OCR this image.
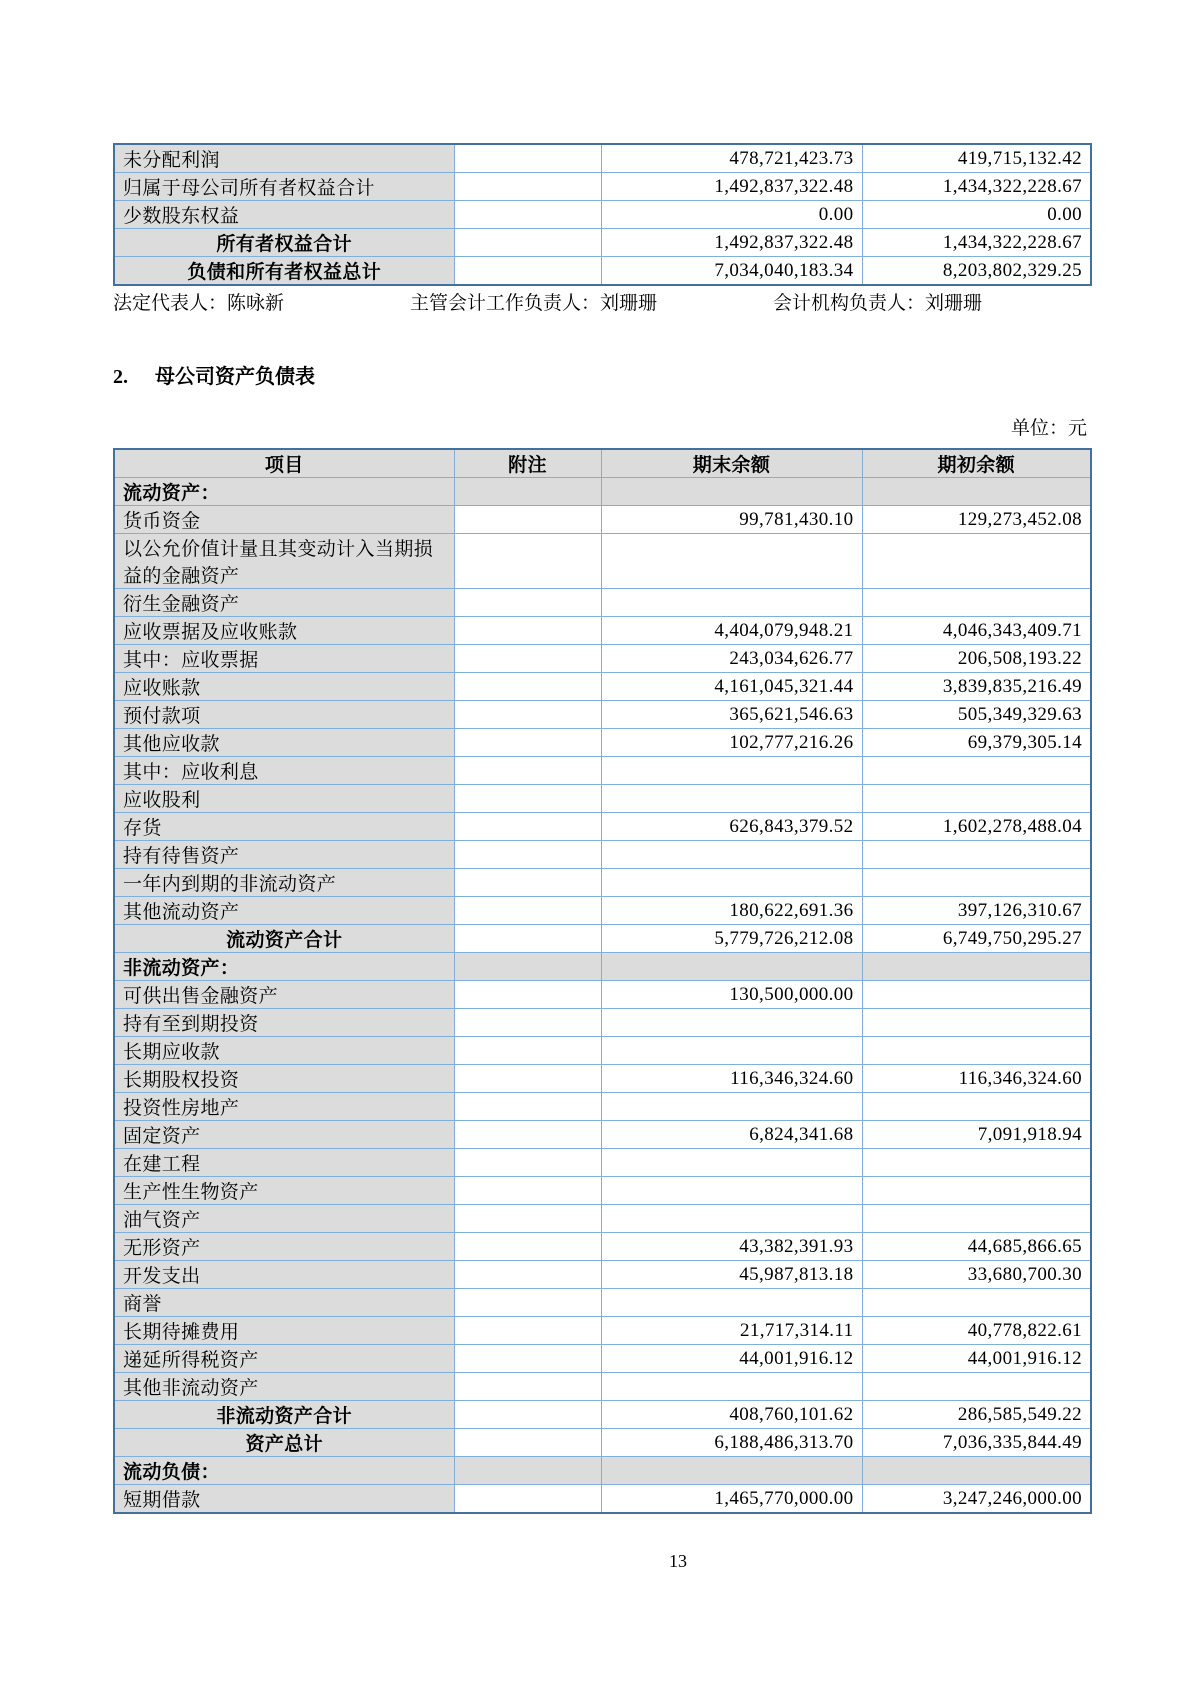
未分配利润		478,721,423.73	419,715,132.42
归属于母公司所有者权益合计		1,492,837,322.48	1,434,322,228.67
少数股东权益		0.00	0.00
所有者权益合计		1,492,837,322.48	1,434,322,228.67
负债和所有者权益总计		7,034,040,183.34	8,203,802,329.25
法定代表人：陈咏新	主管会计工作负责人：刘珊珊	会计机构负责人：刘珊珊
2. 母公司资产负债表
单位：元
项目	附注	期末余额	期初余额
流动资产：			
货币资金		99,781,430.10	129,273,452.08
以公允价值计量且其变动计入当期损益的金融资产			
衍生金融资产			
应收票据及应收账款		4,404,079,948.21	4,046,343,409.71
其中：应收票据		243,034,626.77	206,508,193.22
应收账款		4,161,045,321.44	3,839,835,216.49
预付款项		365,621,546.63	505,349,329.63
其他应收款		102,777,216.26	69,379,305.14
其中：应收利息			
应收股利			
存货		626,843,379.52	1,602,278,488.04
持有待售资产			
一年内到期的非流动资产			
其他流动资产		180,622,691.36	397,126,310.67
流动资产合计		5,779,726,212.08	6,749,750,295.27
非流动资产：			
可供出售金融资产		130,500,000.00	
持有至到期投资			
长期应收款			
长期股权投资		116,346,324.60	116,346,324.60
投资性房地产			
固定资产		6,824,341.68	7,091,918.94
在建工程			
生产性生物资产			
油气资产			
无形资产		43,382,391.93	44,685,866.65
开发支出		45,987,813.18	33,680,700.30
商誉			
长期待摊费用		21,717,314.11	40,778,822.61
递延所得税资产		44,001,916.12	44,001,916.12
其他非流动资产			
非流动资产合计		408,760,101.62	286,585,549.22
资产总计		6,188,486,313.70	7,036,335,844.49
流动负债：			
短期借款		1,465,770,000.00	3,247,246,000.00
13
